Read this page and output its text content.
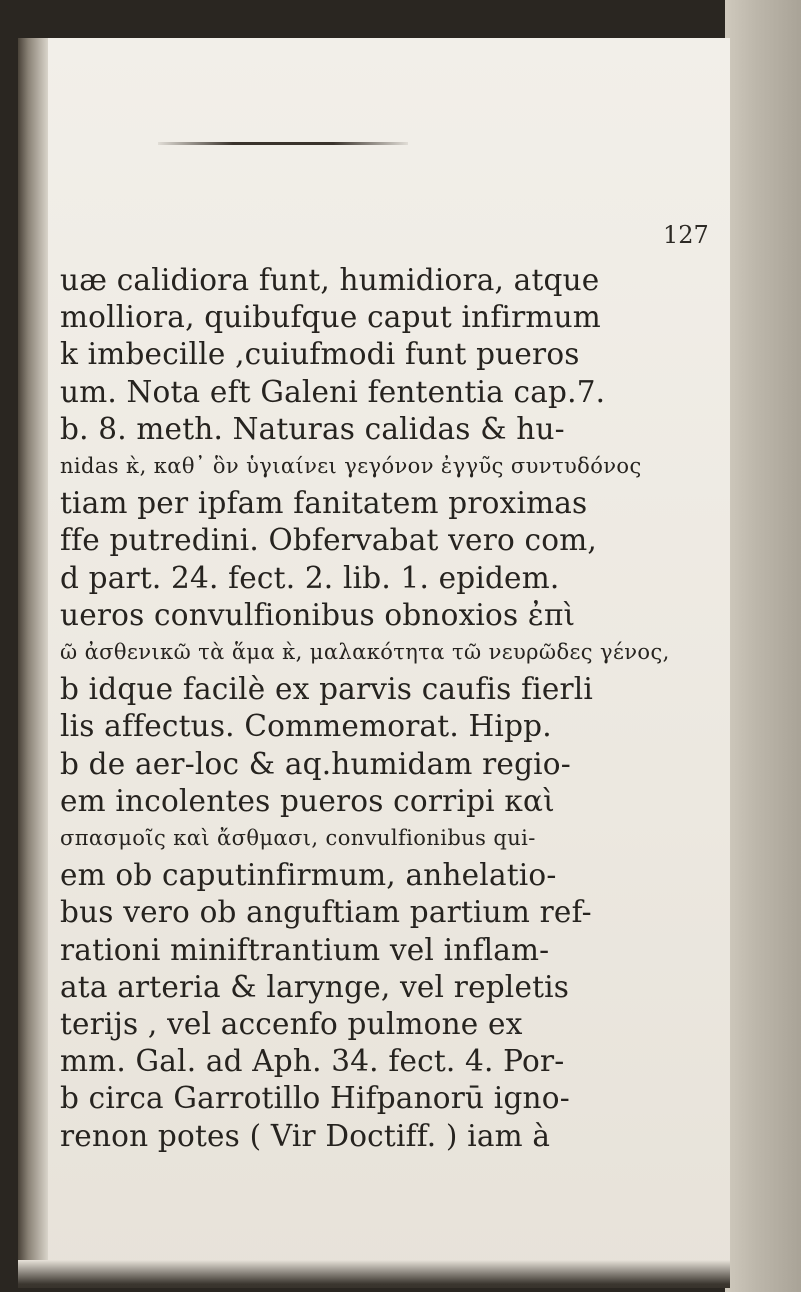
127
uæ calidiora funt, humidiora, atque
molliora, quibufque caput infirmum
k imbecille ,cuiufmodi funt pueros
um. Nota eft Galeni fententia cap.7.
b. 8. meth. Naturas calidas & hu-
nidas κ̀, καθ᾽ ὃν ὑγιαίνει γεγόνον ἐγγυ̃ς συντυδόνος
tiam per ipfam fanitatem proximas
ffe putredini. Obfervabat vero com,
d part. 24. fect. 2. lib. 1. epidem.
ueros convulfionibus obnoxios ἐπὶ
ῶ ἀσθενικῶ τὰ ἅμα κ̀, μαλακότητα τῶ νευρῶδες γένος,
b idque facilè ex parvis caufis fierli
lis affectus. Commemorat. Hipp.
b de aer-loc & aq.humidam regio-
em incolentes pueros corripi καὶ
σπασμοῖς καὶ ἄσθμασι, convulfionibus qui-
em ob caputinfirmum, anhelatio-
bus vero ob anguftiam partium ref-
rationi miniftrantium vel inflam-
ata arteria & larynge, vel repletis
terijs , vel accenfo pulmone ex
mm. Gal. ad Aph. 34. fect. 4. Por-
b circa Garrotillo Hifpanorū igno-
renon potes ( Vir Doctiff. ) iam à
